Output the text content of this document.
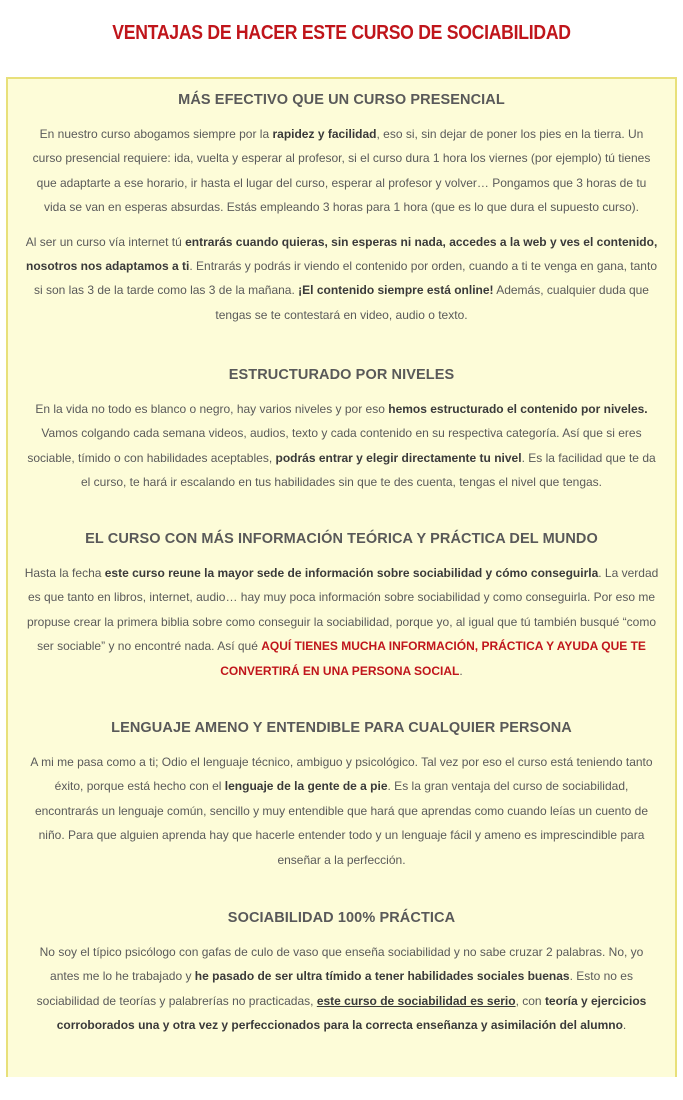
VENTAJAS DE HACER ESTE CURSO DE SOCIABILIDAD
MÁS EFECTIVO QUE UN CURSO PRESENCIAL

En nuestro curso abogamos siempre por la rapidez y facilidad, eso si, sin dejar de poner los pies en la tierra. Un curso presencial requiere: ida, vuelta y esperar al profesor, si el curso dura 1 hora los viernes (por ejemplo) tú tienes que adaptarte a ese horario, ir hasta el lugar del curso, esperar al profesor y volver… Pongamos que 3 horas de tu vida se van en esperas absurdas. Estás empleando 3 horas para 1 hora (que es lo que dura el supuesto curso).

Al ser un curso vía internet tú entrarás cuando quieras, sin esperas ni nada, accedes a la web y ves el contenido, nosotros nos adaptamos a ti. Entrarás y podrás ir viendo el contenido por orden, cuando a ti te venga en gana, tanto si son las 3 de la tarde como las 3 de la mañana. ¡El contenido siempre está online! Además, cualquier duda que tengas se te contestará en video, audio o texto.

ESTRUCTURADO POR NIVELES

En la vida no todo es blanco o negro, hay varios niveles y por eso hemos estructurado el contenido por niveles. Vamos colgando cada semana videos, audios, texto y cada contenido en su respectiva categoría. Así que si eres sociable, tímido o con habilidades aceptables, podrás entrar y elegir directamente tu nivel. Es la facilidad que te da el curso, te hará ir escalando en tus habilidades sin que te des cuenta, tengas el nivel que tengas.

EL CURSO CON MÁS INFORMACIÓN TEÓRICA Y PRÁCTICA DEL MUNDO

Hasta la fecha este curso reune la mayor sede de información sobre sociabilidad y cómo conseguirla. La verdad es que tanto en libros, internet, audio… hay muy poca información sobre sociabilidad y como conseguirla. Por eso me propuse crear la primera biblia sobre como conseguir la sociabilidad, porque yo, al igual que tú también busqué “como ser sociable” y no encontré nada. Así qué AQUÍ TIENES MUCHA INFORMACIÓN, PRÁCTICA Y AYUDA QUE TE CONVERTIRÁ EN UNA PERSONA SOCIAL.

LENGUAJE AMENO Y ENTENDIBLE PARA CUALQUIER PERSONA

A mi me pasa como a ti; Odio el lenguaje técnico, ambiguo y psicológico. Tal vez por eso el curso está teniendo tanto éxito, porque está hecho con el lenguaje de la gente de a pie. Es la gran ventaja del curso de sociabilidad, encontrarás un lenguaje común, sencillo y muy entendible que hará que aprendas como cuando leías un cuento de niño. Para que alguien aprenda hay que hacerle entender todo y un lenguaje fácil y ameno es imprescindible para enseñar a la perfección.

SOCIABILIDAD 100% PRÁCTICA

No soy el típico psicólogo con gafas de culo de vaso que enseña sociabilidad y no sabe cruzar 2 palabras. No, yo antes me lo he trabajado y he pasado de ser ultra tímido a tener habilidades sociales buenas. Esto no es sociabilidad de teorías y palabrerías no practicadas, este curso de sociabilidad es serio, con teoría y ejercicios corroborados una y otra vez y perfeccionados para la correcta enseñanza y asimilación del alumno.
